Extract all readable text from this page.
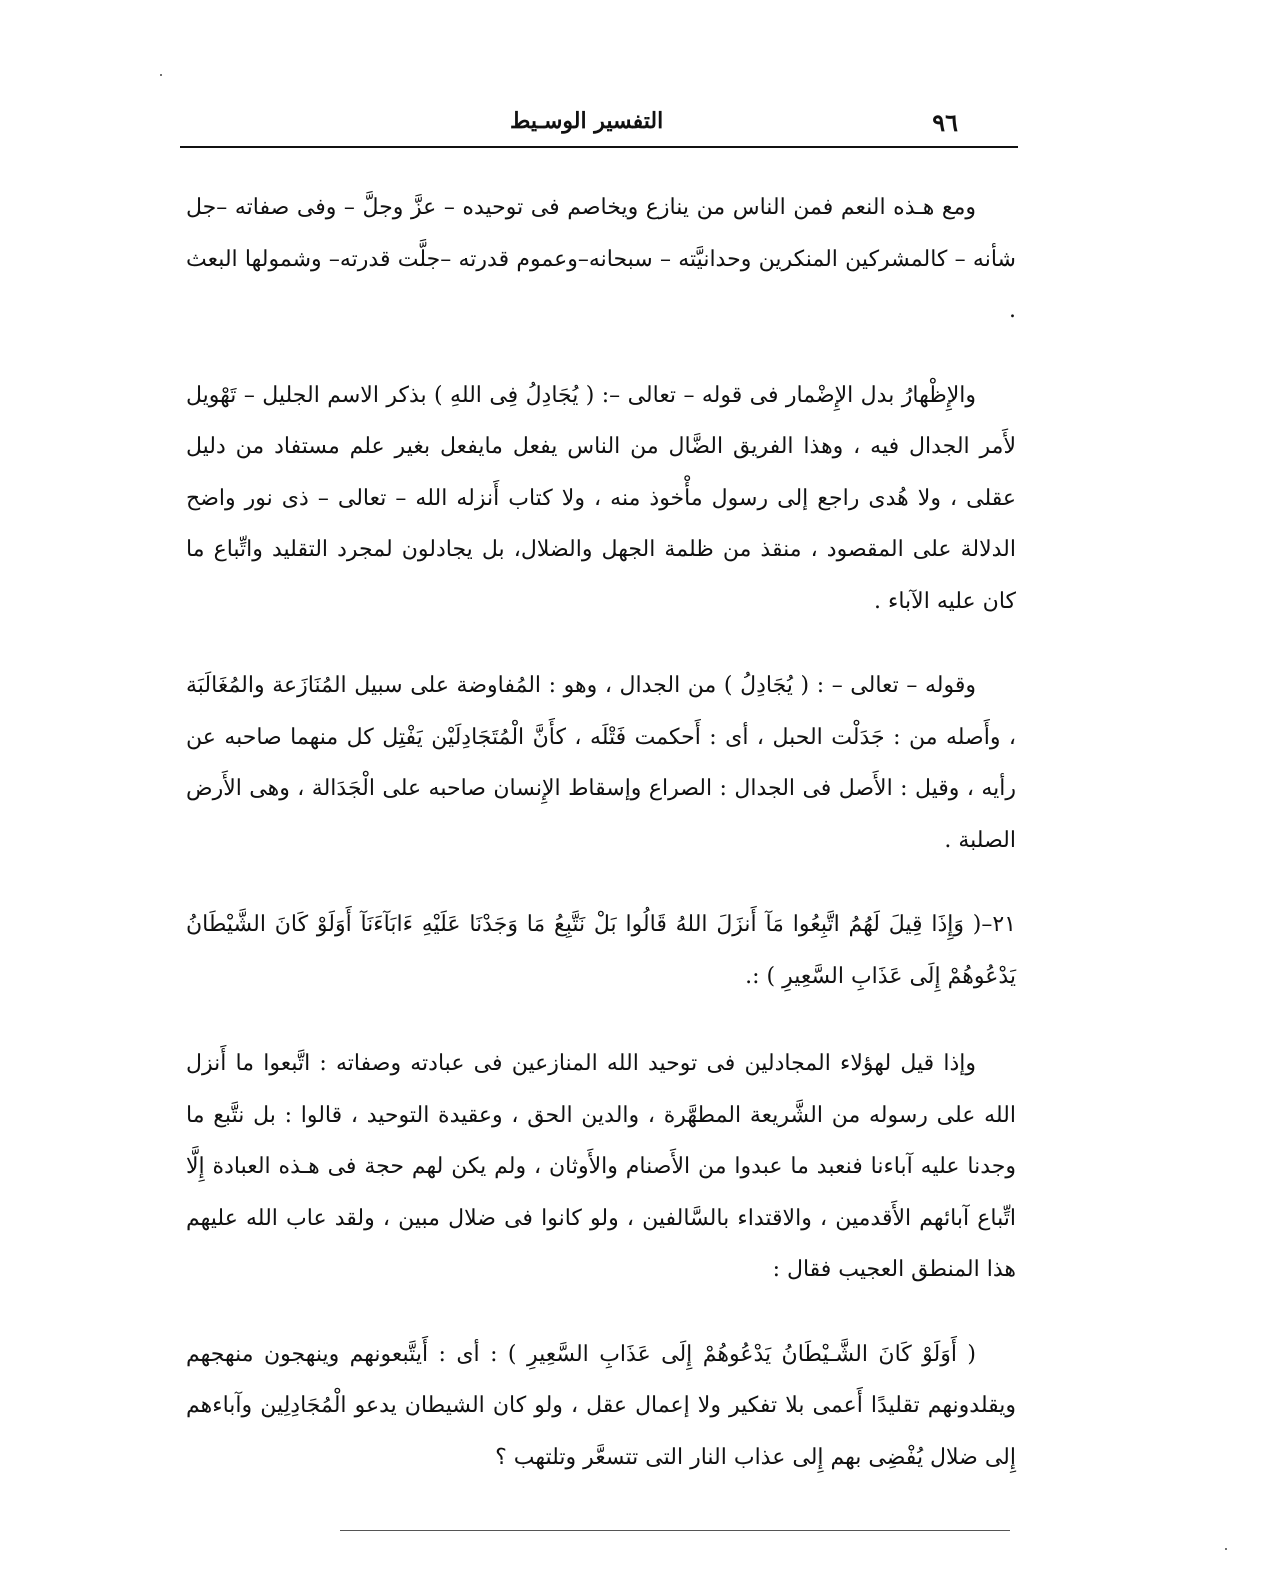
التفسير الوسـيط	٩٦

ومع هـذه النعم فمن الناس من ينازع ويخاصم فى توحيده – عزَّ وجلَّ – وفى صفاته –جل شأنه – كالمشركين المنكرين وحدانيَّته – سبحانه–وعموم قدرته –جلَّت قدرته– وشمولها البعث .

والإِظْهارُ بدل الإِضْمار فى قوله – تعالى –: ( يُجَادِلُ فِى اللهِ ) بذكر الاسم الجليل – تَهْويل لأَمر الجدال فيه ، وهذا الفريق الضَّال من الناس يفعل مايفعل بغير علم مستفاد من دليل عقلى ، ولا هُدى راجع إلى رسول مأْخوذ منه ، ولا كتاب أَنزله الله – تعالى – ذى نور واضح الدلالة على المقصود ، منقذ من ظلمة الجهل والضلال، بل يجادلون لمجرد التقليد واتِّباع ما كان عليه الآباء .

وقوله – تعالى – : ( يُجَادِلُ ) من الجدال ، وهو : المُفاوضة على سبيل المُنَازَعة والمُغَالَبَة ، وأَصله من : جَدَلْت الحبل ، أى : أَحكمت فَتْلَه ، كأَنَّ الْمُتَجَادِلَيْن يَفْتِل كل منهما صاحبه عن رأيه ، وقيل : الأَصل فى الجدال : الصراع وإسقاط الإِنسان صاحبه على الْجَدَالة ، وهى الأَرض الصلبة .

٢١–( وَإِذَا قِيلَ لَهُمُ اتَّبِعُوا مَآ أَنزَلَ اللهُ قَالُوا بَلْ نَتَّبِعُ مَا وَجَدْنَا عَلَيْهِ ءَابَآءَنَآ أَوَلَوْ كَانَ الشَّيْطَانُ يَدْعُوهُمْ إِلَى عَذَابِ السَّعِيرِ ) :.

وإذا قيل لهؤلاء المجادلين فى توحيد الله المنازعين فى عبادته وصفاته : اتَّبعوا ما أَنزل الله على رسوله من الشَّريعة المطهَّرة ، والدين الحق ، وعقيدة التوحيد ، قالوا : بل نتَّبع ما وجدنا عليه آباءنا فنعبد ما عبدوا من الأَصنام والأَوثان ، ولم يكن لهم حجة فى هـذه العبادة إِلَّا اتِّباع آبائهم الأَقدمين ، والاقتداء بالسَّالفين ، ولو كانوا فى ضلال مبين ، ولقد عاب الله عليهم هذا المنطق العجيب فقال :

( أَوَلَوْ كَانَ الشَّـيْطَانُ يَدْعُوهُمْ إِلَى عَذَابِ السَّعِيرِ ) : أى : أَيتَّبعونهم وينهجون منهجهم ويقلدونهم تقليدًا أَعمى بلا تفكير ولا إعمال عقل ، ولو كان الشيطان يدعو الْمُجَادِلِين وآباءهم إِلى ضلال يُفْضِى بهم إِلى عذاب النار التى تتسعَّر وتلتهب ؟
